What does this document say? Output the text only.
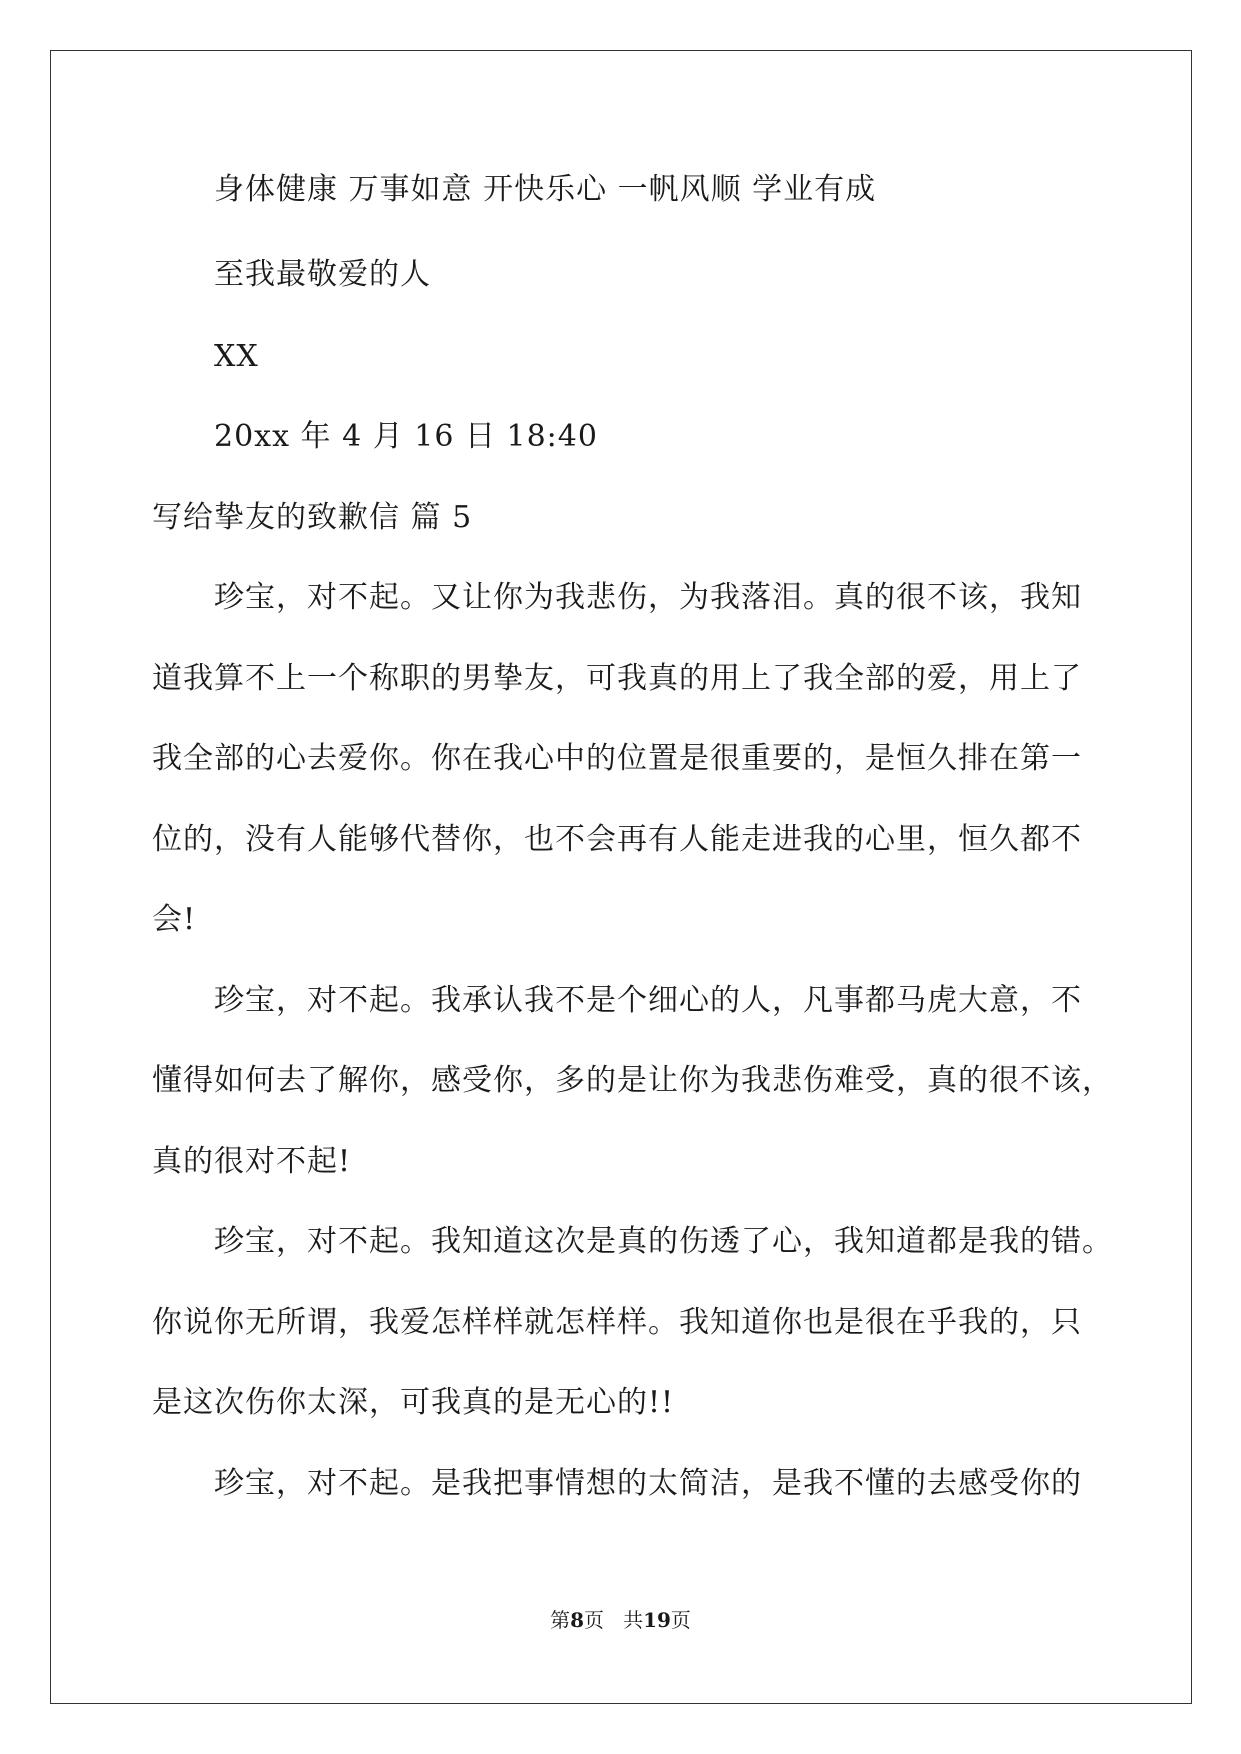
身体健康 万事如意 开快乐心 一帆风顺 学业有成
至我最敬爱的人
XX
20xx 年 4 月 16 日 18:40
写给挚友的致歉信 篇 5
珍宝，对不起。又让你为我悲伤，为我落泪。真的很不该，我知
道我算不上一个称职的男挚友，可我真的用上了我全部的爱，用上了
我全部的心去爱你。你在我心中的位置是很重要的，是恒久排在第一
位的，没有人能够代替你，也不会再有人能走进我的心里，恒久都不
会!
珍宝，对不起。我承认我不是个细心的人，凡事都马虎大意，不
懂得如何去了解你，感受你，多的是让你为我悲伤难受，真的很不该，
真的很对不起!
珍宝，对不起。我知道这次是真的伤透了心，我知道都是我的错。
你说你无所谓，我爱怎样样就怎样样。我知道你也是很在乎我的，只
是这次伤你太深，可我真的是无心的!!
珍宝，对不起。是我把事情想的太简洁，是我不懂的去感受你的
第8页   共19页
